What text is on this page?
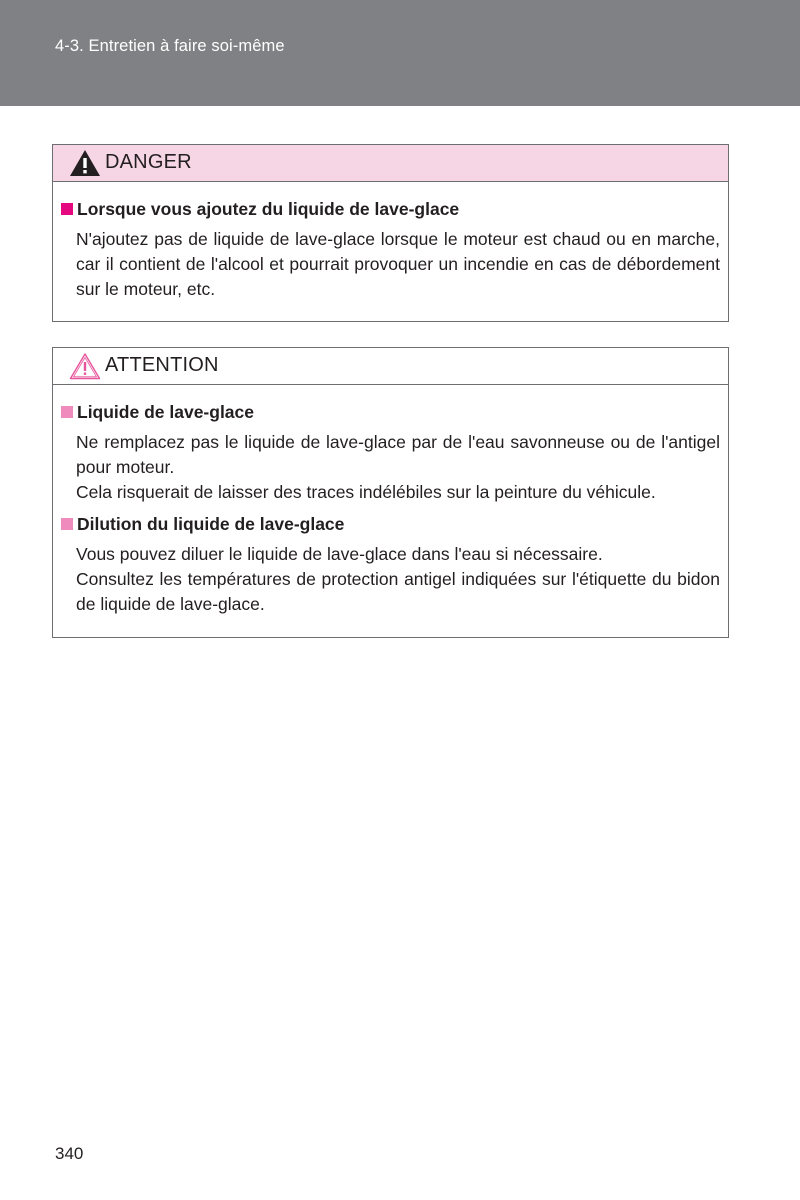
4-3. Entretien à faire soi-même
DANGER
Lorsque vous ajoutez du liquide de lave-glace
N'ajoutez pas de liquide de lave-glace lorsque le moteur est chaud ou en marche, car il contient de l'alcool et pourrait provoquer un incendie en cas de débordement sur le moteur, etc.
ATTENTION
Liquide de lave-glace
Ne remplacez pas le liquide de lave-glace par de l'eau savonneuse ou de l'antigel pour moteur.
Cela risquerait de laisser des traces indélébiles sur la peinture du véhicule.
Dilution du liquide de lave-glace
Vous pouvez diluer le liquide de lave-glace dans l'eau si nécessaire.
Consultez les températures de protection antigel indiquées sur l'étiquette du bidon de liquide de lave-glace.
340
